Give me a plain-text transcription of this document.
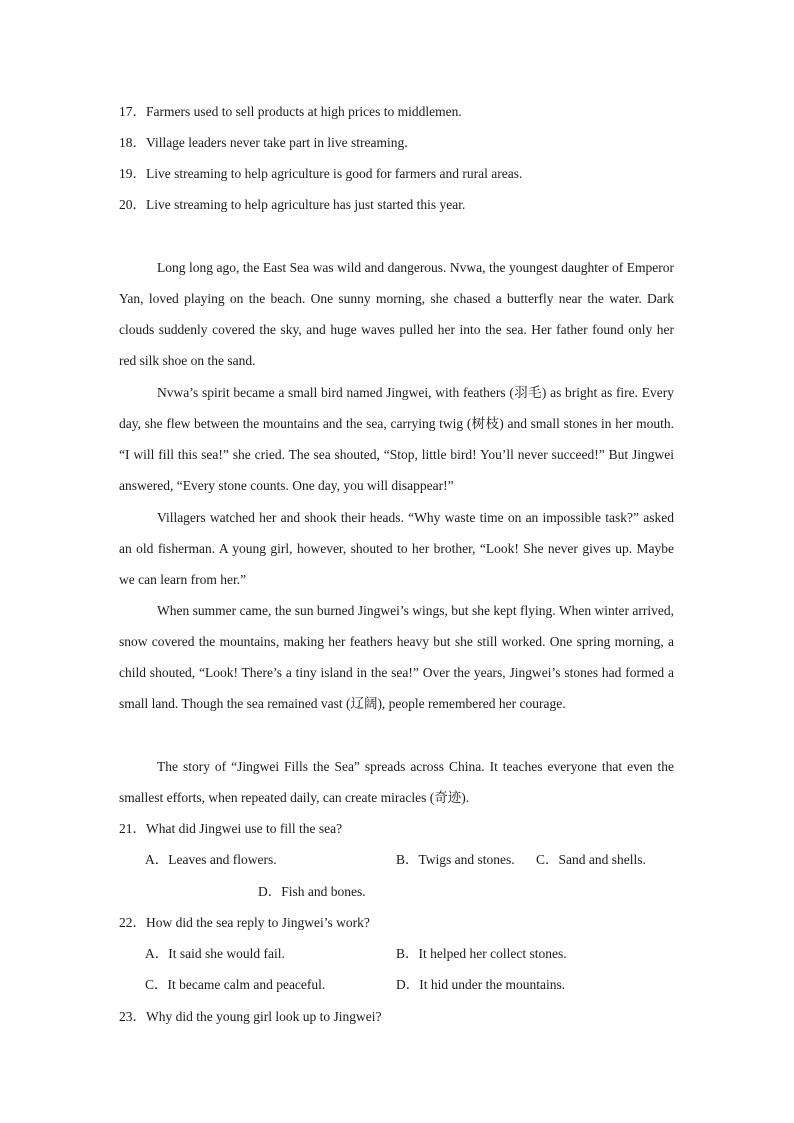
17．Farmers used to sell products at high prices to middlemen.
18．Village leaders never take part in live streaming.
19．Live streaming to help agriculture is good for farmers and rural areas.
20．Live streaming to help agriculture has just started this year.

Long long ago, the East Sea was wild and dangerous. Nvwa, the youngest daughter of Emperor Yan, loved playing on the beach. One sunny morning, she chased a butterfly near the water. Dark clouds suddenly covered the sky, and huge waves pulled her into the sea. Her father found only her red silk shoe on the sand.

Nvwa’s spirit became a small bird named Jingwei, with feathers (羽毛) as bright as fire. Every day, she flew between the mountains and the sea, carrying twig (树枝) and small stones in her mouth. “I will fill this sea!” she cried. The sea shouted, “Stop, little bird! You’ll never succeed!” But Jingwei answered, “Every stone counts. One day, you will disappear!”

Villagers watched her and shook their heads. “Why waste time on an impossible task?” asked an old fisherman. A young girl, however, shouted to her brother, “Look! She never gives up. Maybe we can learn from her.”

When summer came, the sun burned Jingwei’s wings, but she kept flying. When winter arrived, snow covered the mountains, making her feathers heavy but she still worked. One spring morning, a child shouted, “Look! There’s a tiny island in the sea!” Over the years, Jingwei’s stones had formed a small land. Though the sea remained vast (辽阔), people remembered her courage.

The story of “Jingwei Fills the Sea” spreads across China. It teaches everyone that even the smallest efforts, when repeated daily, can create miracles (奇迹).

21．What did Jingwei use to fill the sea?
A．Leaves and flowers.	B．Twigs and stones. C．Sand and shells.
D．Fish and bones.
22．How did the sea reply to Jingwei’s work?
A．It said she would fail.	B．It helped her collect stones.
C．It became calm and peaceful.	D．It hid under the mountains.
23．Why did the young girl look up to Jingwei?
